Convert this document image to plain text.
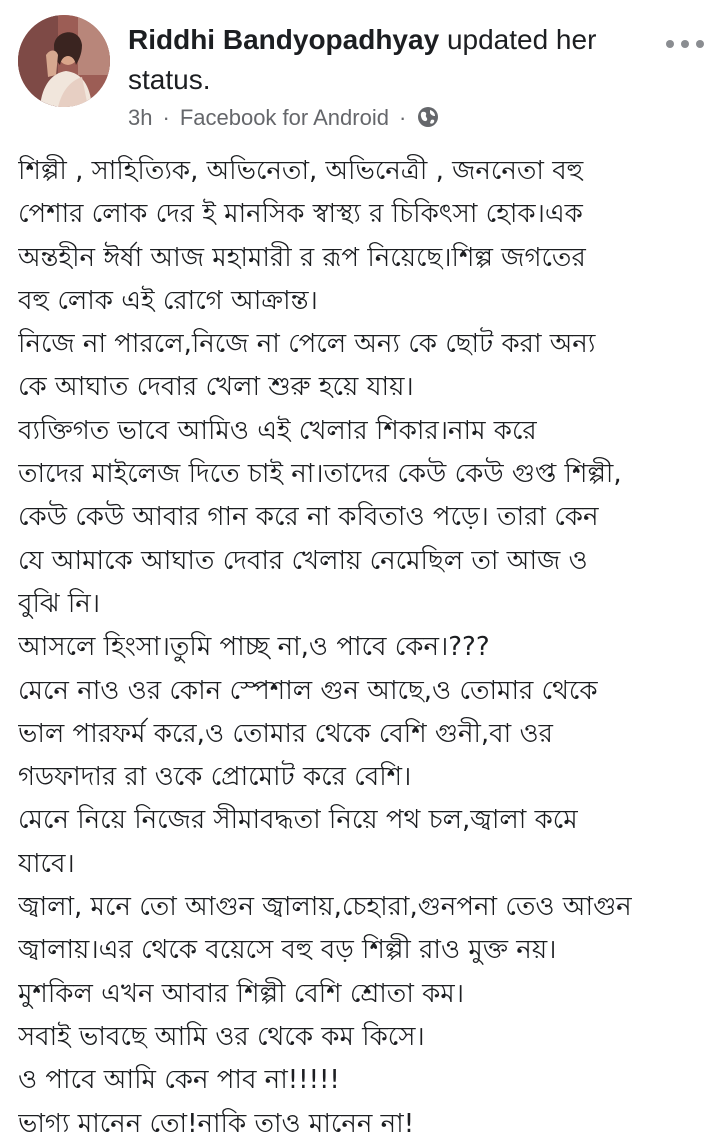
Riddhi Bandyopadhyay updated her status.
3h · Facebook for Android ·
শিল্পী , সাহিত্যিক, অভিনেতা, অভিনেত্রী , জননেতা বহু
পেশার লোক দের ই মানসিক স্বাস্থ্য র চিকিৎসা হোক।এক
অন্তহীন ঈর্ষা আজ মহামারী র রূপ নিয়েছে।শিল্প জগতের
বহু লোক এই রোগে আক্রান্ত।
নিজে না পারলে,নিজে না পেলে অন্য কে ছোট করা অন্য
কে আঘাত দেবার খেলা শুরু হয়ে যায়।
ব্যক্তিগত ভাবে আমিও এই খেলার শিকার।নাম করে
তাদের মাইলেজ দিতে চাই না।তাদের কেউ কেউ গুপ্ত শিল্পী,
কেউ কেউ আবার গান করে না কবিতাও পড়ে। তারা কেন
যে আমাকে আঘাত দেবার খেলায় নেমেছিল তা আজ ও
বুঝি নি।
আসলে হিংসা।তুমি পাচ্ছ না,ও পাবে কেন।???
মেনে নাও ওর কোন স্পেশাল গুন আছে,ও তোমার থেকে
ভাল পারফর্ম করে,ও তোমার থেকে বেশি গুনী,বা ওর
গডফাদার রা ওকে প্রোমোট করে বেশি।
মেনে নিয়ে নিজের সীমাবদ্ধতা নিয়ে পথ চল,জ্বালা কমে
যাবে।
জ্বালা, মনে তো আগুন জ্বালায়,চেহারা,গুনপনা তেও আগুন
জ্বালায়।এর থেকে বয়েসে বহু বড় শিল্পী রাও মুক্ত নয়।
মুশকিল এখন আবার শিল্পী বেশি শ্রোতা কম।
সবাই ভাবছে আমি ওর থেকে কম কিসে।
ও পাবে আমি কেন পাব না!!!!!
ভাগ্য মানেন তো!নাকি তাও মানেন না!
